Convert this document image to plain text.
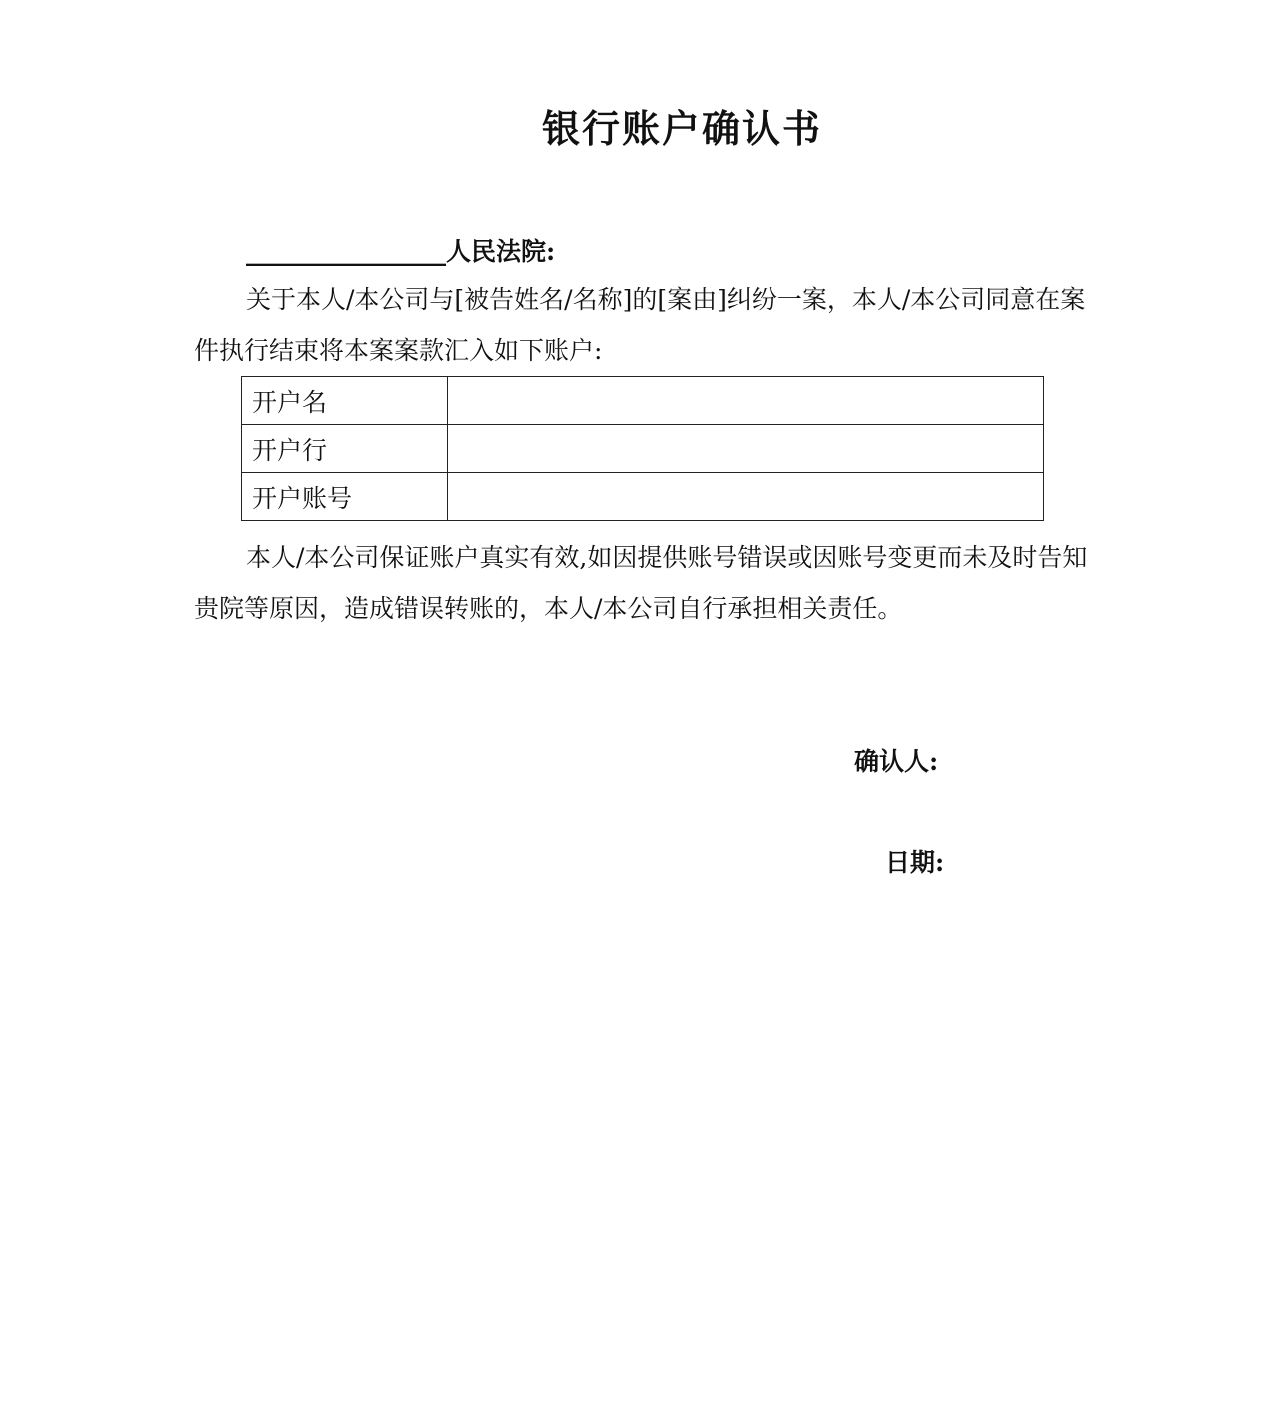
银行账户确认书
________________人民法院:
关于本人/本公司与[被告姓名/名称]的[案由]纠纷一案，本人/本公司同意在案件执行结束将本案案款汇入如下账户:
开户名	
开户行	
开户账号	
本人/本公司保证账户真实有效,如因提供账号错误或因账号变更而未及时告知贵院等原因，造成错误转账的，本人/本公司自行承担相关责任。
确认人:
日期:
